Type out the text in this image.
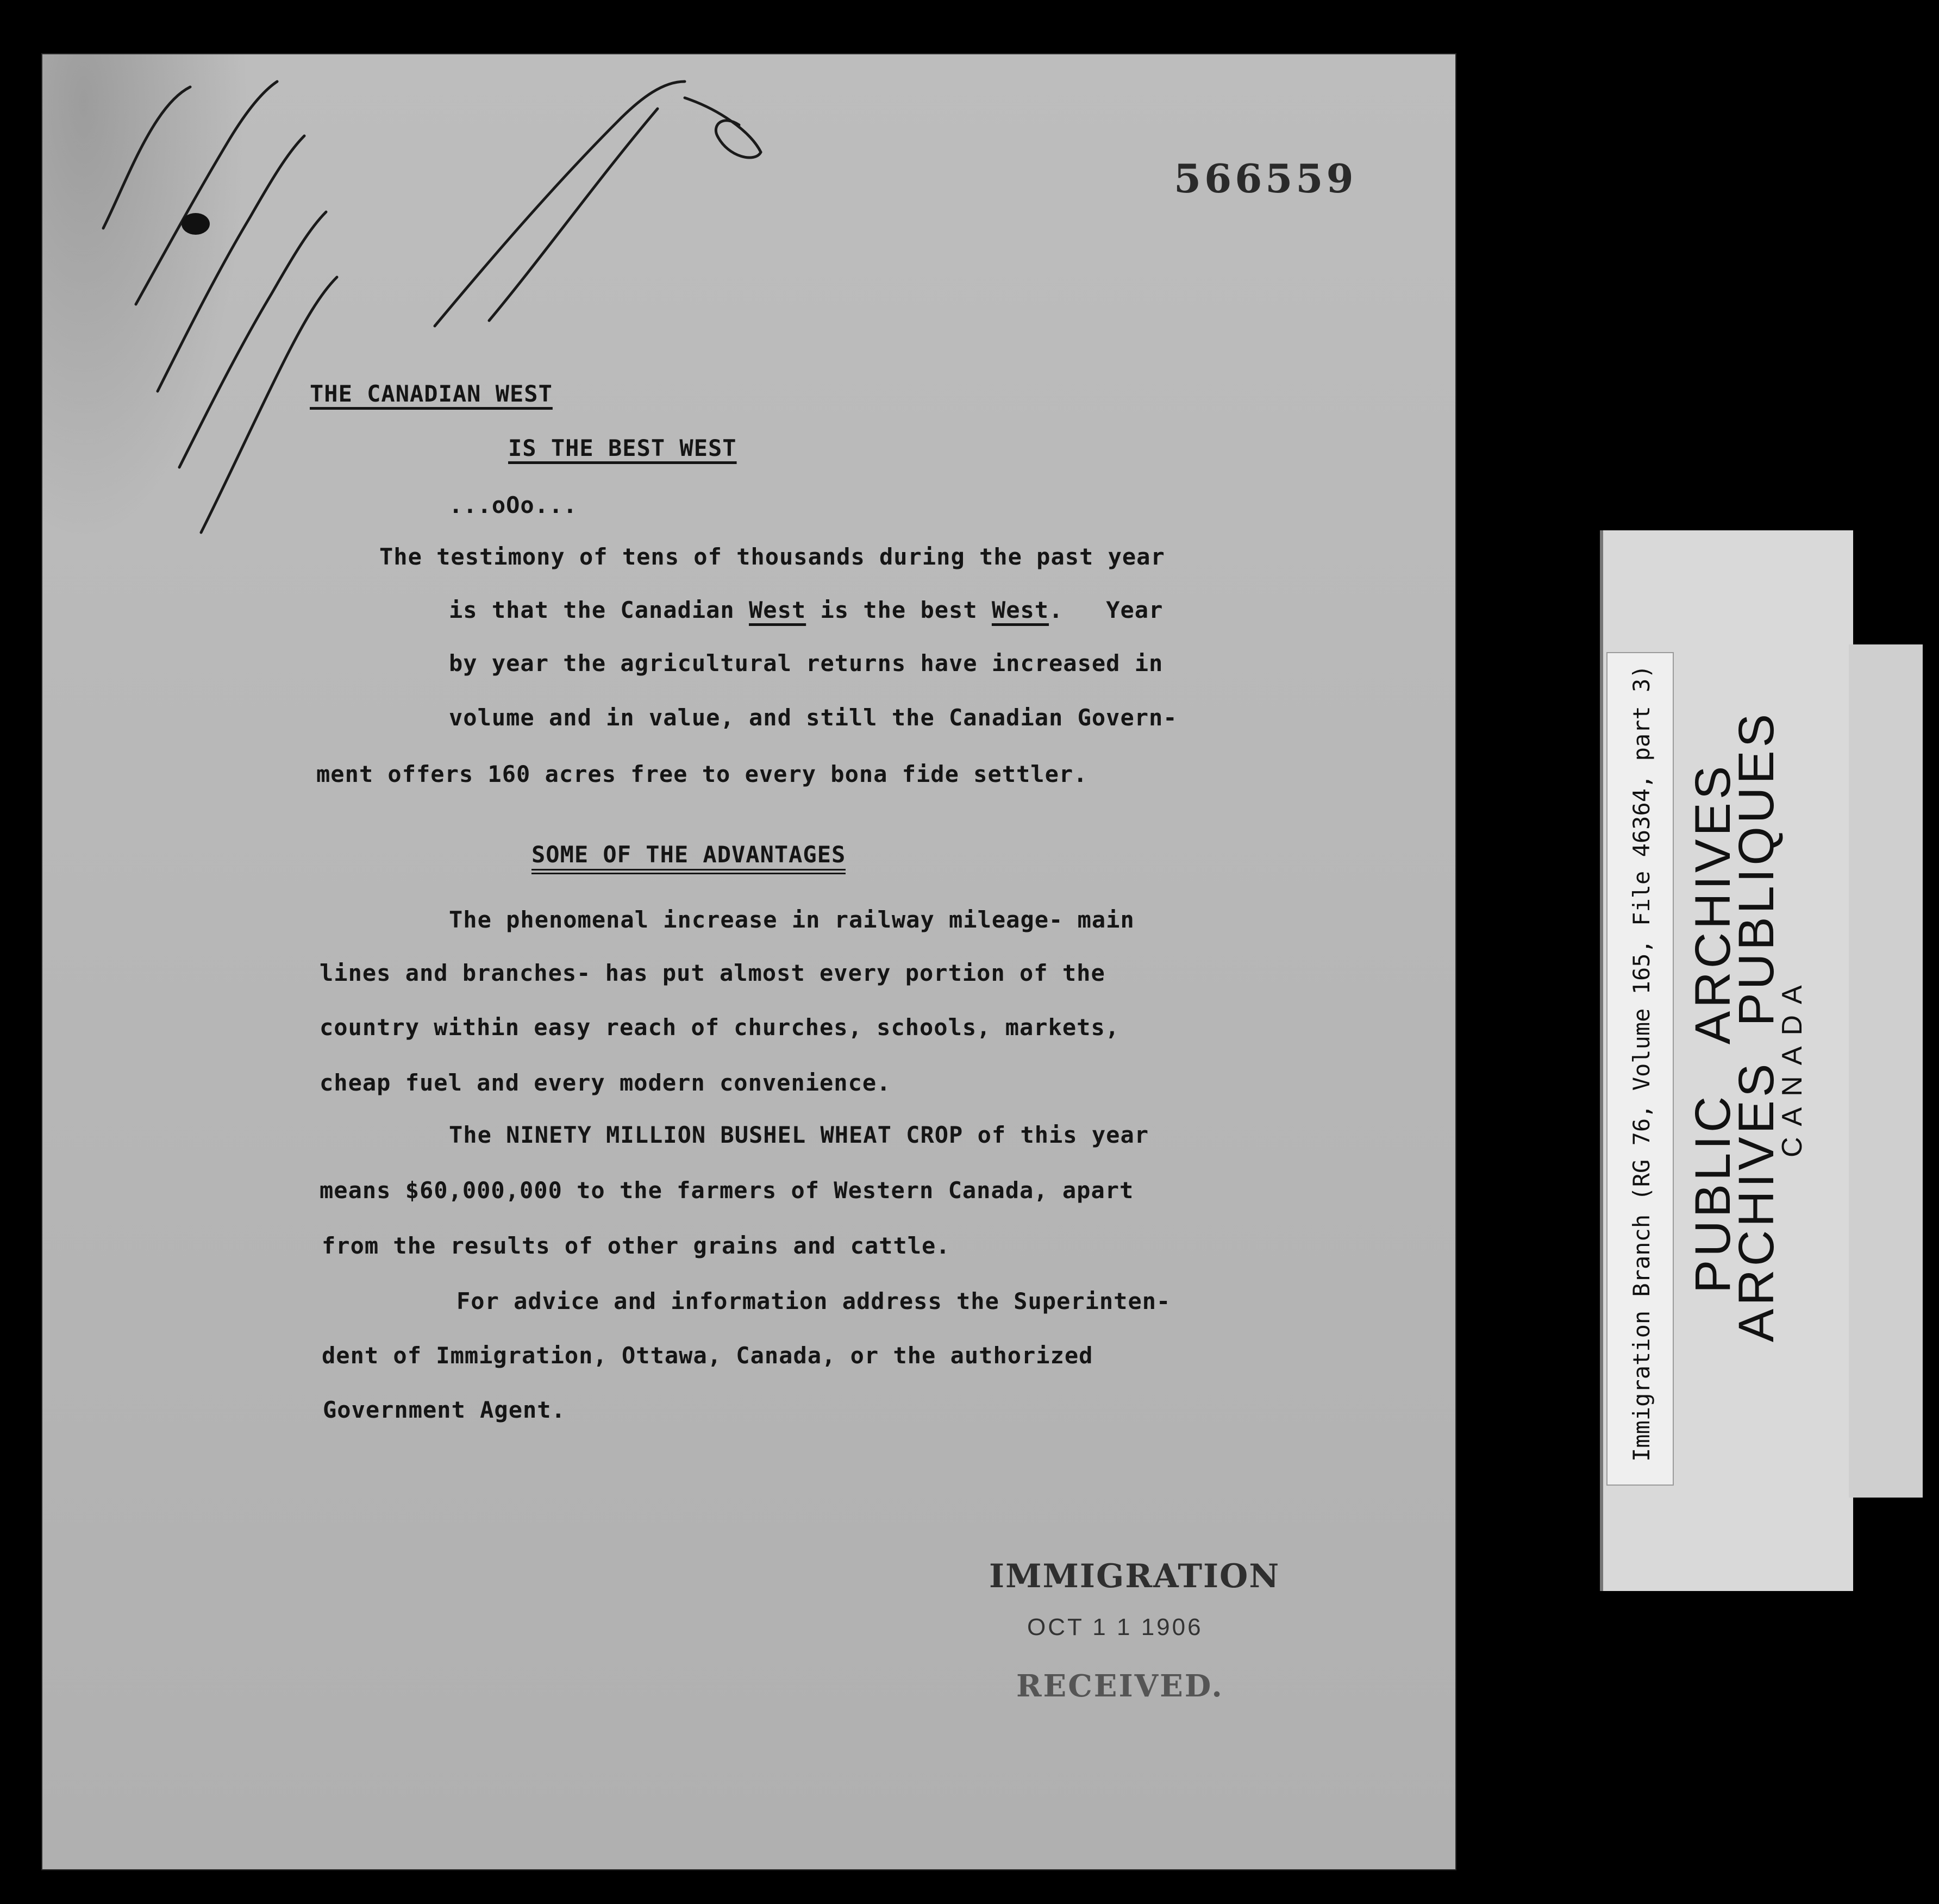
566559
THE CANADIAN WEST
IS THE BEST WEST
...oOo...
The testimony of tens of thousands during the past year
is that the Canadian West is the best West.   Year
by year the agricultural returns have increased in
volume and in value, and still the Canadian Govern-
ment offers 160 acres free to every bona fide settler.
SOME OF THE ADVANTAGES
The phenomenal increase in railway mileage- main
lines and branches- has put almost every portion of the
country within easy reach of churches, schools, markets,
cheap fuel and every modern convenience.
The NINETY MILLION BUSHEL WHEAT CROP of this year
means $60,000,000 to the farmers of Western Canada, apart
from the results of other grains and cattle.
For advice and information address the Superinten-
dent of Immigration, Ottawa, Canada, or the authorized
Government Agent.
IMMIGRATION
OCT 1 1 1906
RECEIVED.
Immigration Branch (RG 76, Volume 165, File 46364, part 3) PUBLIC   ARCHIVES
ARCHIVES  PUBLIQUES
CANADA
